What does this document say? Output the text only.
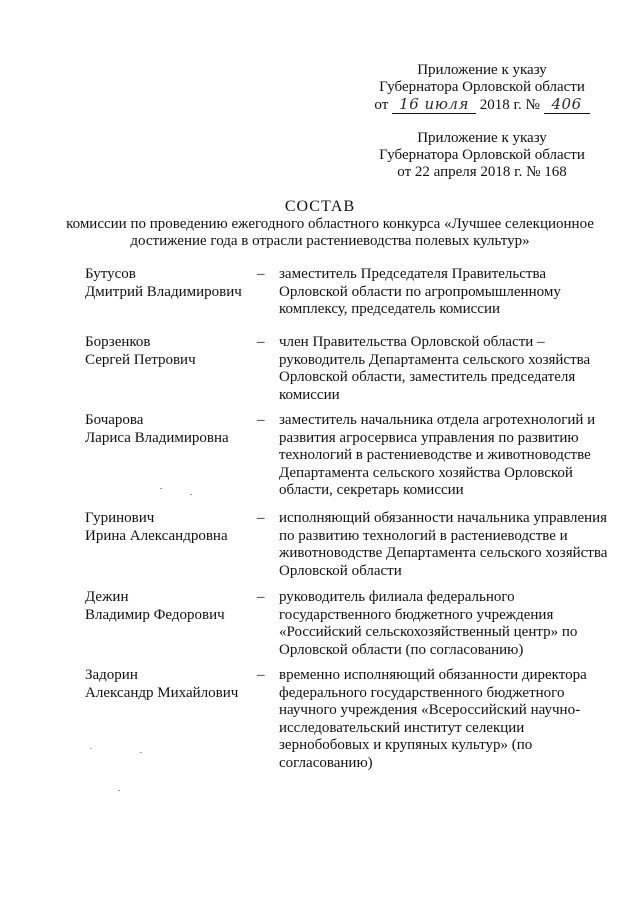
Приложение к указу
Губернатора Орловской области
от 16 июля 2018 г. № 406
Приложение к указу
Губернатора Орловской области
от 22 апреля 2018 г. № 168
СОСТАВ
комиссии по проведению ежегодного областного конкурса «Лучшее селекционное достижение года в отрасли растениеводства полевых культур»
Бутусов
Дмитрий Владимирович
– заместитель Председателя Правительства Орловской области по агропромышленному комплексу, председатель комиссии
Борзенков
Сергей Петрович
– член Правительства Орловской области – руководитель Департамента сельского хозяйства Орловской области, заместитель председателя комиссии
Бочарова
Лариса Владимировна
– заместитель начальника отдела агротехнологий и развития агросервиса управления по развитию технологий в растениеводстве и животноводстве Департамента сельского хозяйства Орловской области, секретарь комиссии
Гуринович
Ирина Александровна
– исполняющий обязанности начальника управления по развитию технологий в растениеводстве и животноводстве Департамента сельского хозяйства Орловской области
Дежин
Владимир Федорович
– руководитель филиала федерального государственного бюджетного учреждения «Российский сельскохозяйственный центр» по Орловской области (по согласованию)
Задорин
Александр Михайлович
– временно исполняющий обязанности директора федерального государственного бюджетного научного учреждения «Всероссийский научно-исследовательский институт селекции зернобобовых и крупяных культур» (по согласованию)
